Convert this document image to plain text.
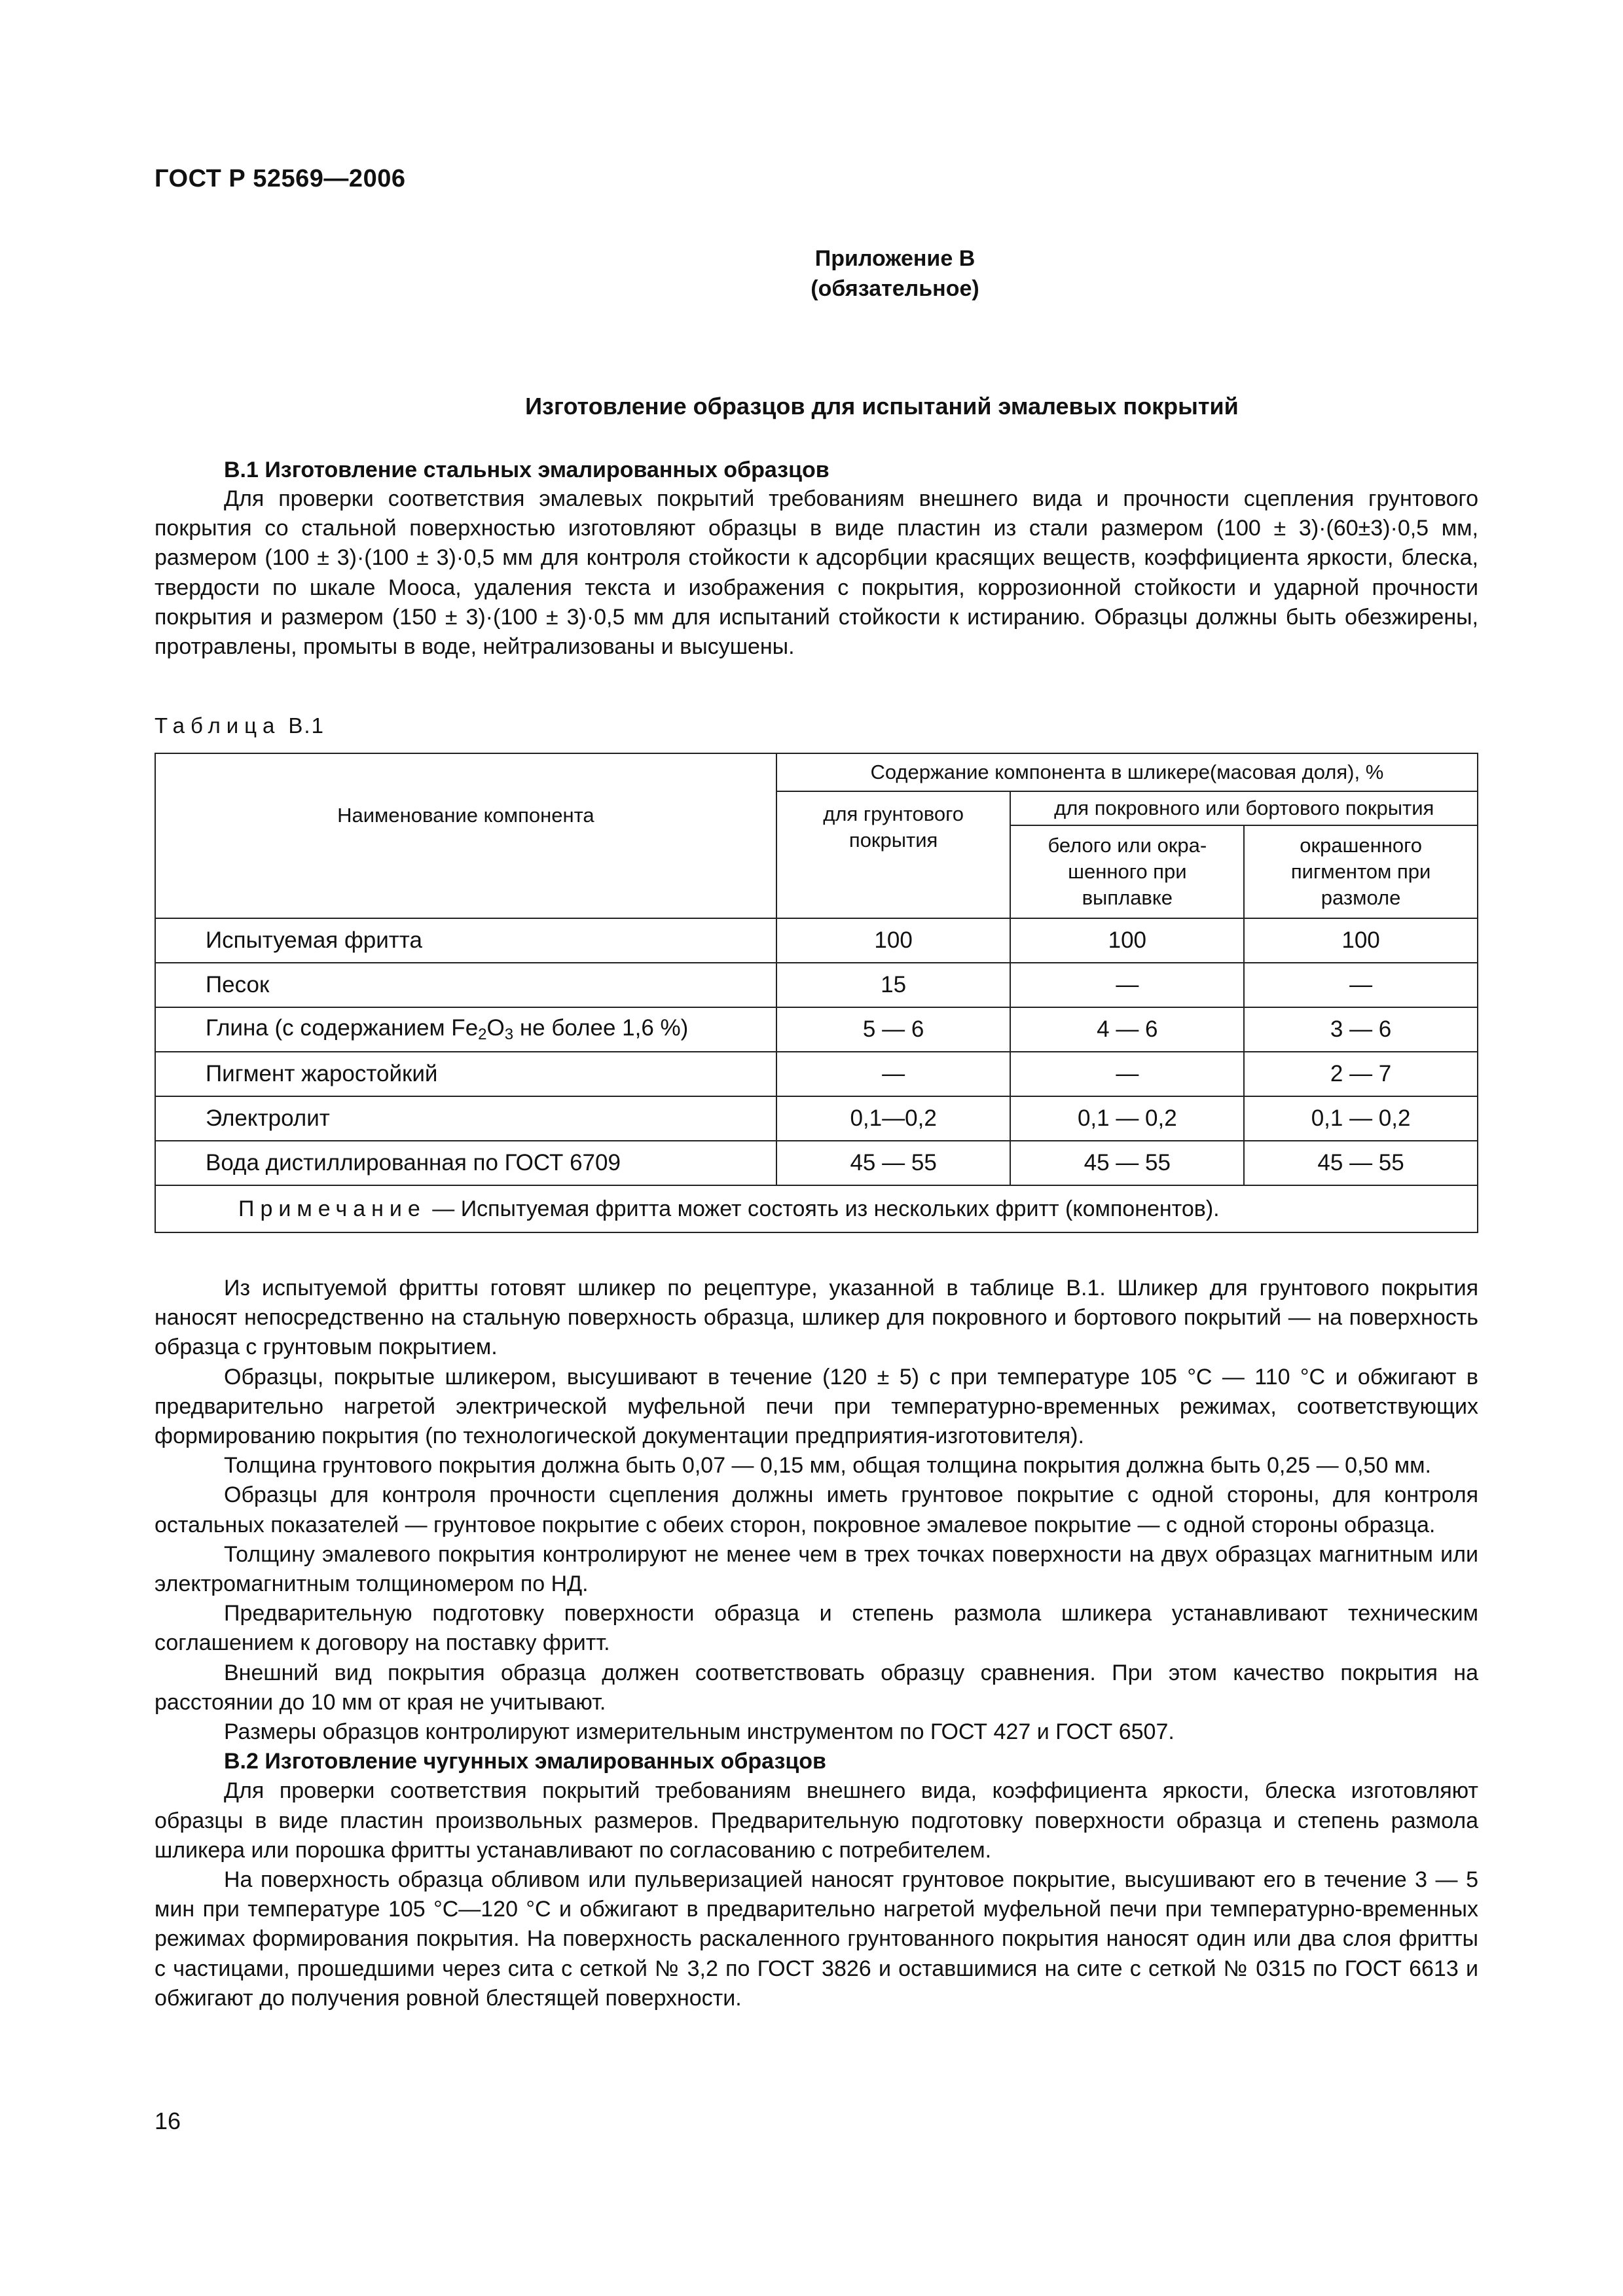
ГОСТ Р 52569—2006
Приложение В
(обязательное)
Изготовление образцов для испытаний эмалевых покрытий

В.1 Изготовление стальных эмалированных образцов

Для проверки соответствия эмалевых покрытий требованиям внешнего вида и прочности сцепления грунтового покрытия со стальной поверхностью изготовляют образцы в виде пластин из стали размером (100 ± 3)·(60±3)·0,5 мм, размером (100 ± 3)·(100 ± 3)·0,5 мм для контроля стойкости к адсорбции красящих веществ, коэффициента яркости, блеска, твердости по шкале Мооса, удаления текста и изображения с покрытия, коррозионной стойкости и ударной прочности покрытия и размером (150 ± 3)·(100 ± 3)·0,5 мм для испытаний стойкости к истиранию. Образцы должны быть обезжирены, протравлены, промыты в воде, нейтрализованы и высушены.

Таблица В.1
Наименование компонента	Содержание компонента в шликере(масовая доля), %		
	для грунтового покрытия	для покровного или бортового покрытия	
		белого или окрашенного при выплавке	окрашенного пигментом при размоле
Испытуемая фритта	100	100	100
Песок	15	—	—
Глина (с содержанием $Fe_2O_3$ не более 1,6 %)	5 — 6	4 — 6	3 — 6
Пигмент жаростойкий	—	—	2 — 7
Электролит	0,1—0,2	0,1 — 0,2	0,1 — 0,2
Вода дистиллированная по ГОСТ 6709	45 — 55	45 — 55	45 — 55
Примечание — Испытуемая фритта может состоять из нескольких фритт (компонентов).			

Из испытуемой фритты готовят шликер по рецептуре, указанной в таблице В.1. Шликер для грунтового покрытия наносят непосредственно на стальную поверхность образца, шликер для покровного и бортового покрытий — на поверхность образца с грунтовым покрытием.

Образцы, покрытые шликером, высушивают в течение (120 ± 5) с при температуре 105 °С — 110 °С и обжигают в предварительно нагретой электрической муфельной печи при температурно-временных режимах, соответствующих формированию покрытия (по технологической документации предприятия-изготовителя).

Толщина грунтового покрытия должна быть 0,07 — 0,15 мм, общая толщина покрытия должна быть 0,25 — 0,50 мм.

Образцы для контроля прочности сцепления должны иметь грунтовое покрытие с одной стороны, для контроля остальных показателей — грунтовое покрытие с обеих сторон, покровное эмалевое покрытие — с одной стороны образца.

Толщину эмалевого покрытия контролируют не менее чем в трех точках поверхности на двух образцах магнитным или электромагнитным толщиномером по НД.

Предварительную подготовку поверхности образца и степень размола шликера устанавливают техническим соглашением к договору на поставку фритт.

Внешний вид покрытия образца должен соответствовать образцу сравнения. При этом качество покрытия на расстоянии до 10 мм от края не учитывают.

Размеры образцов контролируют измерительным инструментом по ГОСТ 427 и ГОСТ 6507.

В.2 Изготовление чугунных эмалированных образцов

Для проверки соответствия покрытий требованиям внешнего вида, коэффициента яркости, блеска изготовляют образцы в виде пластин произвольных размеров. Предварительную подготовку поверхности образца и степень размола шликера или порошка фритты устанавливают по согласованию с потребителем.

На поверхность образца обливом или пульверизацией наносят грунтовое покрытие, высушивают его в течение 3 — 5 мин при температуре 105 °С—120 °С и обжигают в предварительно нагретой муфельной печи при температурно-временных режимах формирования покрытия. На поверхность раскаленного грунтованного покрытия наносят один или два слоя фритты с частицами, прошедшими через сита с сеткой № 3,2 по ГОСТ 3826 и оставшимися на сите с сеткой № 0315 по ГОСТ 6613 и обжигают до получения ровной блестящей поверхности.

16
